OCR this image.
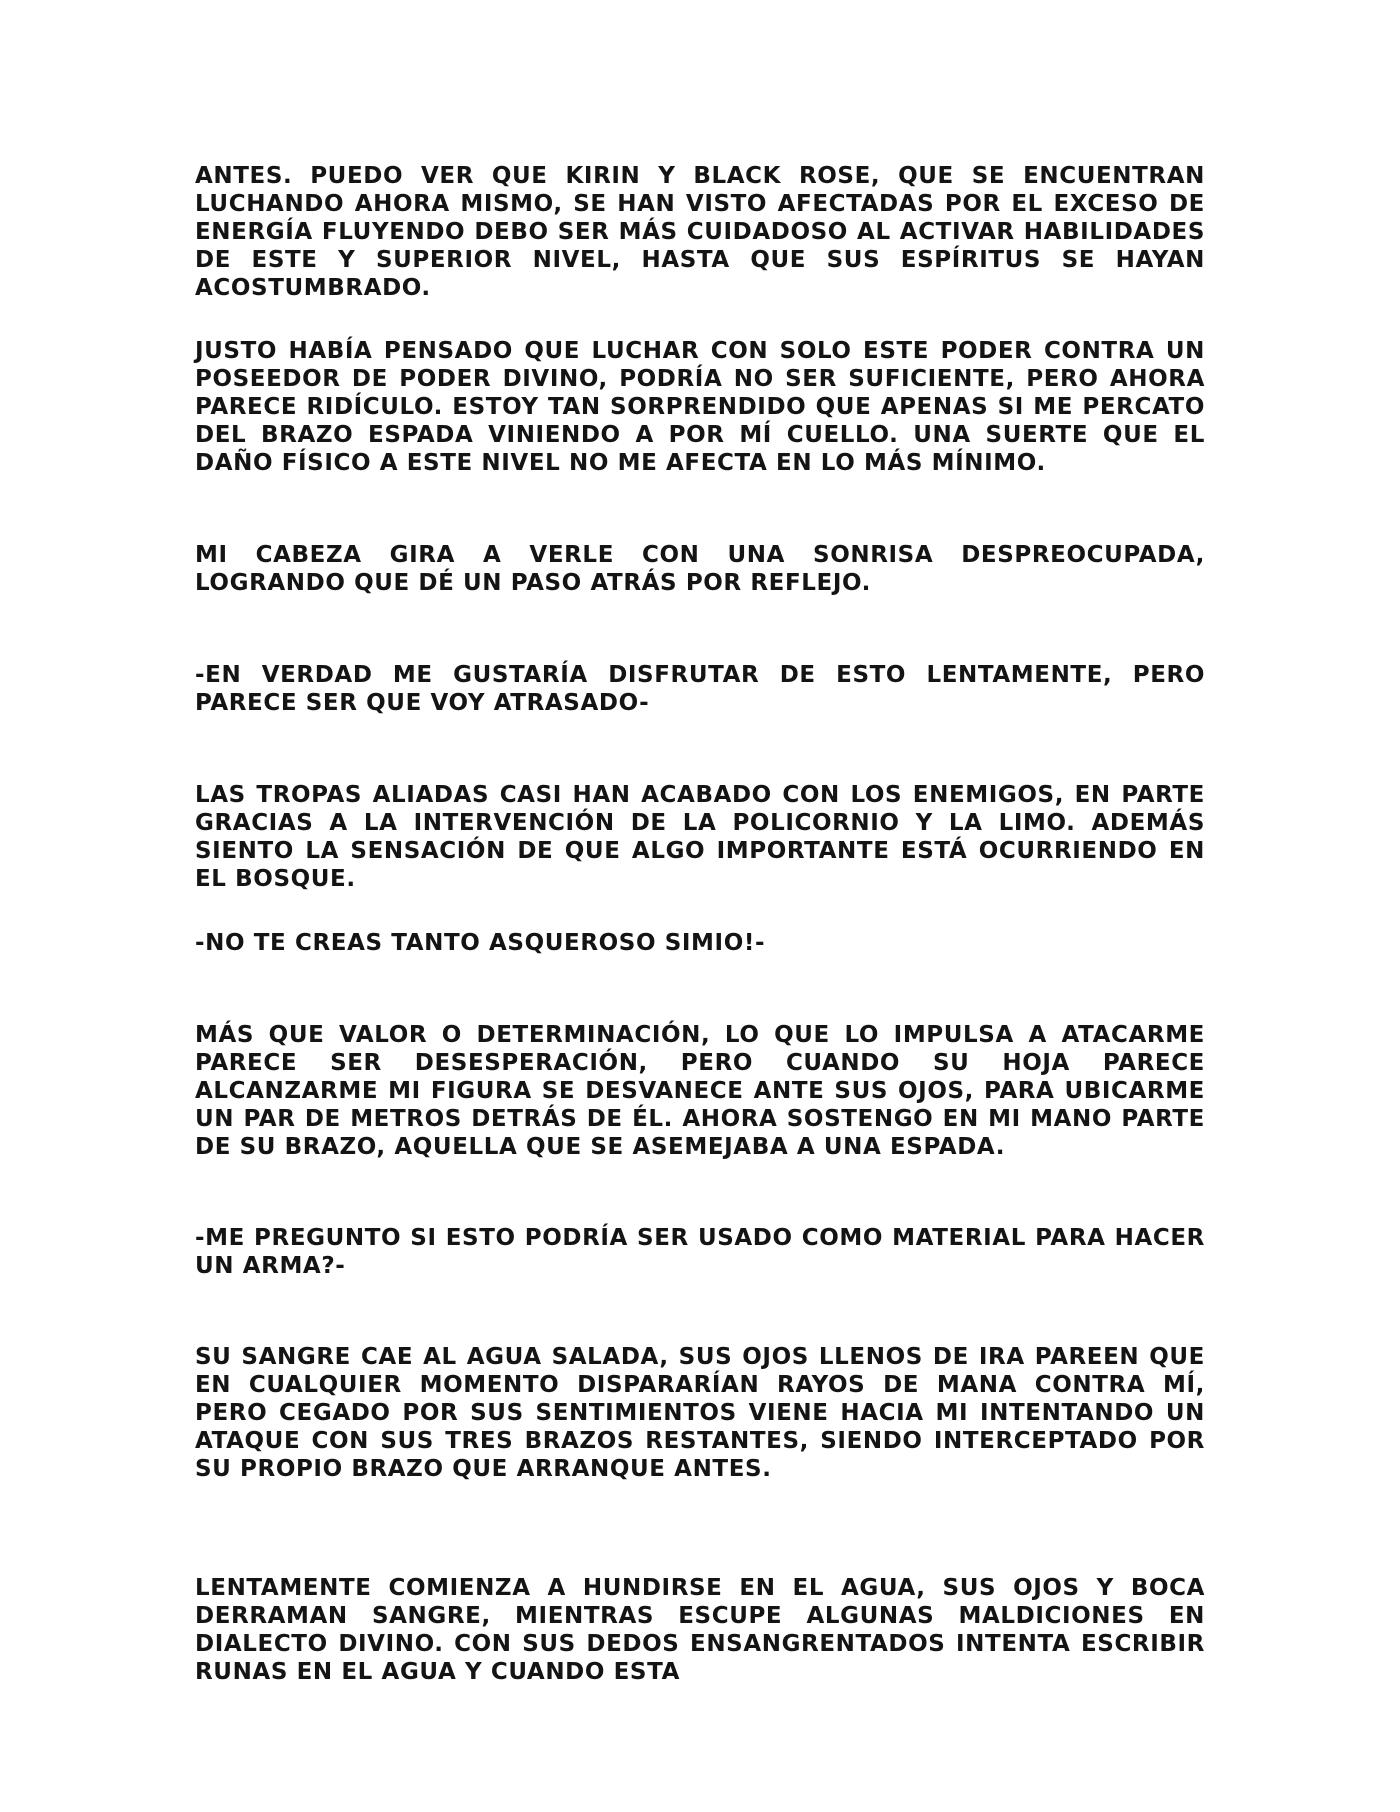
ANTES. PUEDO VER QUE KIRIN Y BLACK ROSE, QUE SE ENCUENTRAN LUCHANDO AHORA MISMO, SE HAN VISTO AFECTADAS POR EL EXCESO DE ENERGÍA FLUYENDO DEBO SER MÁS CUIDADOSO AL ACTIVAR HABILIDADES DE ESTE Y SUPERIOR NIVEL, HASTA QUE SUS ESPÍRITUS SE HAYAN ACOSTUMBRADO.

JUSTO HABÍA PENSADO QUE LUCHAR CON SOLO ESTE PODER CONTRA UN POSEEDOR DE PODER DIVINO, PODRÍA NO SER SUFICIENTE, PERO AHORA PARECE RIDÍCULO. ESTOY TAN SORPRENDIDO QUE APENAS SI ME PERCATO DEL BRAZO ESPADA VINIENDO A POR MÍ CUELLO. UNA SUERTE QUE EL DAÑO FÍSICO A ESTE NIVEL NO ME AFECTA EN LO MÁS MÍNIMO.

MI CABEZA GIRA A VERLE CON UNA SONRISA DESPREOCUPADA, LOGRANDO QUE DÉ UN PASO ATRÁS POR REFLEJO.

-EN VERDAD ME GUSTARÍA DISFRUTAR DE ESTO LENTAMENTE, PERO PARECE SER QUE VOY ATRASADO-

LAS TROPAS ALIADAS CASI HAN ACABADO CON LOS ENEMIGOS, EN PARTE GRACIAS A LA INTERVENCIÓN DE LA POLICORNIO Y LA LIMO. ADEMÁS SIENTO LA SENSACIÓN DE QUE ALGO IMPORTANTE ESTÁ OCURRIENDO EN EL BOSQUE.

-NO TE CREAS TANTO ASQUEROSO SIMIO!-

MÁS QUE VALOR O DETERMINACIÓN, LO QUE LO IMPULSA A ATACARME PARECE SER DESESPERACIÓN, PERO CUANDO SU HOJA PARECE ALCANZARME MI FIGURA SE DESVANECE ANTE SUS OJOS, PARA UBICARME UN PAR DE METROS DETRÁS DE ÉL. AHORA SOSTENGO EN MI MANO PARTE DE SU BRAZO, AQUELLA QUE SE ASEMEJABA A UNA ESPADA.

-ME PREGUNTO SI ESTO PODRÍA SER USADO COMO MATERIAL PARA HACER UN ARMA?-

SU SANGRE CAE AL AGUA SALADA, SUS OJOS LLENOS DE IRA PAREEN QUE EN CUALQUIER MOMENTO DISPARARÍAN RAYOS DE MANA CONTRA MÍ, PERO CEGADO POR SUS SENTIMIENTOS VIENE HACIA MI INTENTANDO UN ATAQUE CON SUS TRES BRAZOS RESTANTES, SIENDO INTERCEPTADO POR SU PROPIO BRAZO QUE ARRANQUE ANTES.

LENTAMENTE COMIENZA A HUNDIRSE EN EL AGUA, SUS OJOS Y BOCA DERRAMAN SANGRE, MIENTRAS ESCUPE ALGUNAS MALDICIONES EN DIALECTO DIVINO. CON SUS DEDOS ENSANGRENTADOS INTENTA ESCRIBIR RUNAS EN EL AGUA Y CUANDO ESTA
